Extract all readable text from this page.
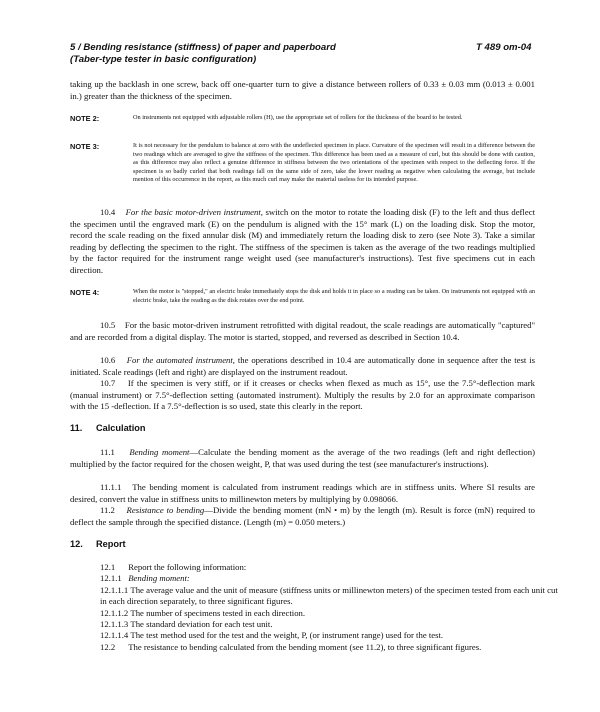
5 / Bending resistance (stiffness) of paper and paperboard
(Taber-type tester in basic configuration)
T 489 om-04

taking up the backlash in one screw, back off one-quarter turn to give a distance between rollers of 0.33 ± 0.03 mm (0.013 ± 0.001 in.) greater than the thickness of the specimen.

NOTE 2:	On instruments not equipped with adjustable rollers (H), use the appropriate set of rollers for the thickness of the board to be tested.

NOTE 3:	It is not necessary for the pendulum to balance at zero with the undeflected specimen in place. Curvature of the specimen will result in a difference between the two readings which are averaged to give the stiffness of the specimen. This difference has been used as a measure of curl, but this should be done with caution, as this difference may also reflect a genuine difference in stiffness between the two orientations of the specimen with respect to the deflecting force. If the specimen is so badly curled that both readings fall on the same side of zero, take the lower reading as negative when calculating the average, but include mention of this occurrence in the report, as this much curl may make the material useless for its intended purpose.

10.4 For the basic motor-driven instrument, switch on the motor to rotate the loading disk (F) to the left and thus deflect the specimen until the engraved mark (E) on the pendulum is aligned with the 15° mark (L) on the loading disk. Stop the motor, record the scale reading on the fixed annular disk (M) and immediately return the loading disk to zero (see Note 3). Take a similar reading by deflecting the specimen to the right. The stiffness of the specimen is taken as the average of the two readings multiplied by the factor required for the instrument range weight used (see manufacturer's instructions). Test five specimens cut in each direction.

NOTE 4:	When the motor is "stopped," an electric brake immediately stops the disk and holds it in place so a reading can be taken. On instruments not equipped with an electric brake, take the reading as the disk rotates over the end point.

10.5 For the basic motor-driven instrument retrofitted with digital readout, the scale readings are automatically "captured" and are recorded from a digital display. The motor is started, stopped, and reversed as described in Section 10.4.

10.6 For the automated instrument, the operations described in 10.4 are automatically done in sequence after the test is initiated. Scale readings (left and right) are displayed on the instrument readout.

10.7 If the specimen is very stiff, or if it creases or checks when flexed as much as 15°, use the 7.5°-deflection mark (manual instrument) or 7.5°-deflection setting (automated instrument). Multiply the results by 2.0 for an approximate comparison with the 15 -deflection. If a 7.5°-deflection is so used, state this clearly in the report.

11. Calculation

11.1 Bending moment—Calculate the bending moment as the average of the two readings (left and right deflection) multiplied by the factor required for the chosen weight, P, that was used during the test (see manufacturer's instructions).

11.1.1 The bending moment is calculated from instrument readings which are in stiffness units. Where SI results are desired, convert the value in stiffness units to millinewton meters by multiplying by 0.098066.

11.2 Resistance to bending—Divide the bending moment (mN • m) by the length (m). Result is force (mN) required to deflect the sample through the specified distance. (Length (m) = 0.050 meters.)

12. Report
12.1 Report the following information:
12.1.1 Bending moment:
12.1.1.1 The average value and the unit of measure (stiffness units or millinewton meters) of the specimen tested from each unit cut in each direction separately, to three significant figures.
12.1.1.2 The number of specimens tested in each direction.
12.1.1.3 The standard deviation for each test unit.
12.1.1.4 The test method used for the test and the weight, P, (or instrument range) used for the test.
12.2 The resistance to bending calculated from the bending moment (see 11.2), to three significant figures.
